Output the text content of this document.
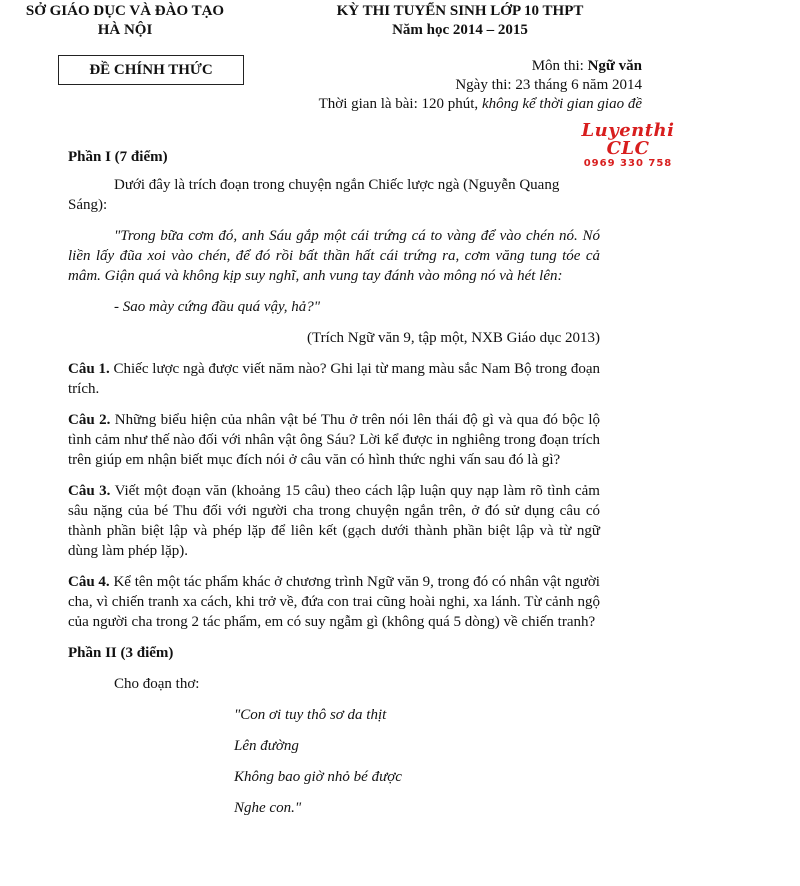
SỞ GIÁO DỤC VÀ ĐÀO TẠO
HÀ NỘI
KỲ THI TUYỂN SINH LỚP 10 THPT
Năm học 2014 – 2015
ĐỀ CHÍNH THỨC	Môn thi: Ngữ văn
Ngày thi: 23 tháng 6 năm 2014
Thời gian là bài: 120 phút, không kể thời gian giao đề
Luyenthi CLC
0969 330 758

Phần I (7 điểm)

Dưới đây là trích đoạn trong chuyện ngắn Chiếc lược ngà (Nguyễn Quang Sáng):

"Trong bữa cơm đó, anh Sáu gắp một cái trứng cá to vàng để vào chén nó. Nó liền lấy đũa xoi vào chén, để đó rồi bất thần hất cái trứng ra, cơm văng tung tóe cả mâm. Giận quá và không kịp suy nghĩ, anh vung tay đánh vào mông nó và hét lên:

- Sao mày cứng đầu quá vậy, hả?"

(Trích Ngữ văn 9, tập một, NXB Giáo dục 2013)

Câu 1. Chiếc lược ngà được viết năm nào? Ghi lại từ mang màu sắc Nam Bộ trong đoạn trích.

Câu 2. Những biểu hiện của nhân vật bé Thu ở trên nói lên thái độ gì và qua đó bộc lộ tình cảm như thế nào đối với nhân vật ông Sáu? Lời kể được in nghiêng trong đoạn trích trên giúp em nhận biết mục đích nói ở câu văn có hình thức nghi vấn sau đó là gì?

Câu 3. Viết một đoạn văn (khoảng 15 câu) theo cách lập luận quy nạp làm rõ tình cảm sâu nặng của bé Thu đối với người cha trong chuyện ngắn trên, ở đó sử dụng câu có thành phần biệt lập và phép lặp để liên kết (gạch dưới thành phần biệt lập và từ ngữ dùng làm phép lặp).

Câu 4. Kể tên một tác phẩm khác ở chương trình Ngữ văn 9, trong đó có nhân vật người cha, vì chiến tranh xa cách, khi trở về, đứa con trai cũng hoài nghi, xa lánh. Từ cảnh ngộ của người cha trong 2 tác phẩm, em có suy ngẫm gì (không quá 5 dòng) về chiến tranh?

Phần II (3 điểm)

Cho đoạn thơ:

"Con ơi tuy thô sơ da thịt
Lên đường
Không bao giờ nhỏ bé được
Nghe con."
